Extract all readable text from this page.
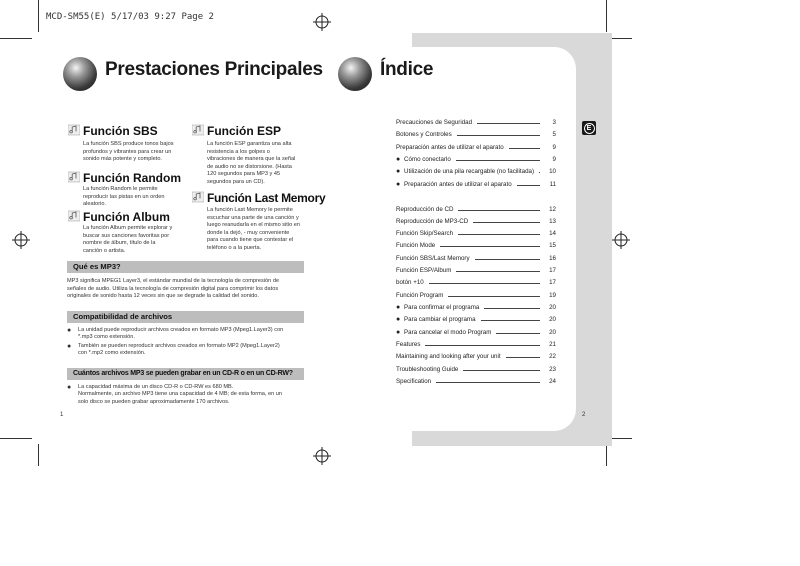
MCD-SM55(E) 5/17/03 9:27 Page 2
Prestaciones Principales
Función SBS
La función SBS produce tonos bajos
profundos y vibrantes para crear un
sonido más potente y completo.
Función ESP
La función ESP garantiza una alta
resistencia a los golpes o
vibraciones de manera que la señal
de audio no se distorsione. (Hasta
120 segundos para MP3 y 45
segundos para un CD).
Función Random
La función Random le permite
reproducir las pistas en un orden
aleatorio.	Función Last Memory
La función Last Memory le permite
escuchar una parte de una canción y
luego reanudarla en el mismo sitio en
donde la dejó, - muy conveniente
para cuando tiene que contestar el
teléfono o a la puerta.
Función Album
La función Album permite explorar y
buscar sus canciones favoritas por
nombre de álbum, título de la
canción o artista.
Qué es MP3?
MP3 significa MPEG1 Layer3, el estándar mundial de la tecnología de compresión de
señales de audio. Utiliza la tecnología de compresión digital para comprimir los datos
originales de sonido hasta 12 veces sin que se degrade la calidad del sonido.
Compatibilidad de archivos
●	La unidad puede reproducir archivos creados en formato MP3 (Mpeg1.Layer3) con
*.mp3 como extensión.
●	También se pueden reproducir archivos creados en formato MP2 (Mpeg1.Layer2)
con *.mp2 como extensión.
Cuántos archivos MP3 se pueden grabar en un CD-R o en un CD-RW?
●	La capacidad máxima de un disco CD-R o CD-RW es 680 MB.
Normalmente, un archivo MP3 tiene una capacidad de 4 MB; de esta forma, en un
solo disco se pueden grabar aproximadamente 170 archivos.
1
Índice
E
Precauciones de Seguridad	3
Botones y Controles	5
Preparación antes de utilizar el aparato	9
● Cómo conectarlo	9
● Utilización de una pila recargable (no facilitada)	10
● Preparación antes de utilizar el aparato	11
Reproducción de CD	12
Reproducción de MP3-CD	13
Función Skip/Search	14
Función Mode	15
Función SBS/Last Memory	16
Función ESP/Album	17
botón +10	17
Función Program	19
● Para confirmar el programa	20
● Para cambiar el programa	20
● Para cancelar el modo Program	20
Features	21
Maintaining and looking after your unit	22
Troubleshooting Guide	23
Specification	24
2
